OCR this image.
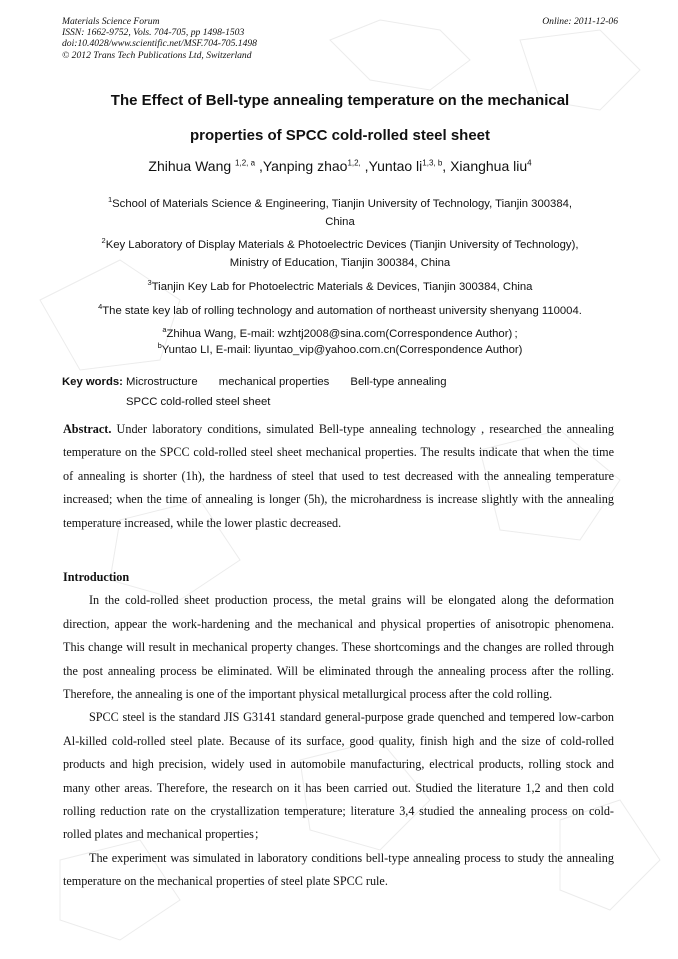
Materials Science Forum
ISSN: 1662-9752, Vols. 704-705, pp 1498-1503
doi:10.4028/www.scientific.net/MSF.704-705.1498
© 2012 Trans Tech Publications Ltd, Switzerland
Online: 2011-12-06
The Effect of Bell-type annealing temperature on the mechanical
properties of SPCC cold-rolled steel sheet
Zhihua Wang $^{1,2, a}$ ,Yanping zhao$^{1,2,}$ ,Yuntao li$^{1,3, b}$, Xianghua liu$^4$
$^1$School of Materials Science & Engineering, Tianjin University of Technology, Tianjin 300384,
China
$^2$Key Laboratory of Display Materials & Photoelectric Devices (Tianjin University of Technology),
Ministry of Education, Tianjin 300384, China
$^3$Tianjin Key Lab for Photoelectric Materials & Devices, Tianjin 300384, China
$^4$The state key lab of rolling technology and automation of northeast university shenyang 110004.
$^a$Zhihua Wang, E-mail: wzhtj2008@sina.com(Correspondence Author) ;
$^b$Yuntao LI, E-mail: liyuntao_vip@yahoo.com.cn(Correspondence Author)
Key words: Microstructure mechanical properties Bell-type annealing
SPCC cold-rolled steel sheet

Abstract. Under laboratory conditions, simulated Bell-type annealing technology , researched the annealing temperature on the SPCC cold-rolled steel sheet mechanical properties. The results indicate that when the time of annealing is shorter (1h), the hardness of steel that used to test decreased with the annealing temperature increased; when the time of annealing is longer (5h), the microhardness is increase slightly with the annealing temperature increased, while the lower plastic decreased.

Introduction

In the cold-rolled sheet production process, the metal grains will be elongated along the deformation direction, appear the work-hardening and the mechanical and physical properties of anisotropic phenomena. This change will result in mechanical property changes. These shortcomings and the changes are rolled through the post annealing process be eliminated. Will be eliminated through the annealing process after the rolling. Therefore, the annealing is one of the important physical metallurgical process after the cold rolling.

SPCC steel is the standard JIS G3141 standard general-purpose grade quenched and tempered low-carbon Al-killed cold-rolled steel plate. Because of its surface, good quality, finish high and the size of cold-rolled products and high precision, widely used in automobile manufacturing, electrical products, rolling stock and many other areas. Therefore, the research on it has been carried out. Studied the literature 1,2 and then cold rolling reduction rate on the crystallization temperature; literature 3,4 studied the annealing process on cold-rolled plates and mechanical properties；

The experiment was simulated in laboratory conditions bell-type annealing process to study the annealing temperature on the mechanical properties of steel plate SPCC rule.
